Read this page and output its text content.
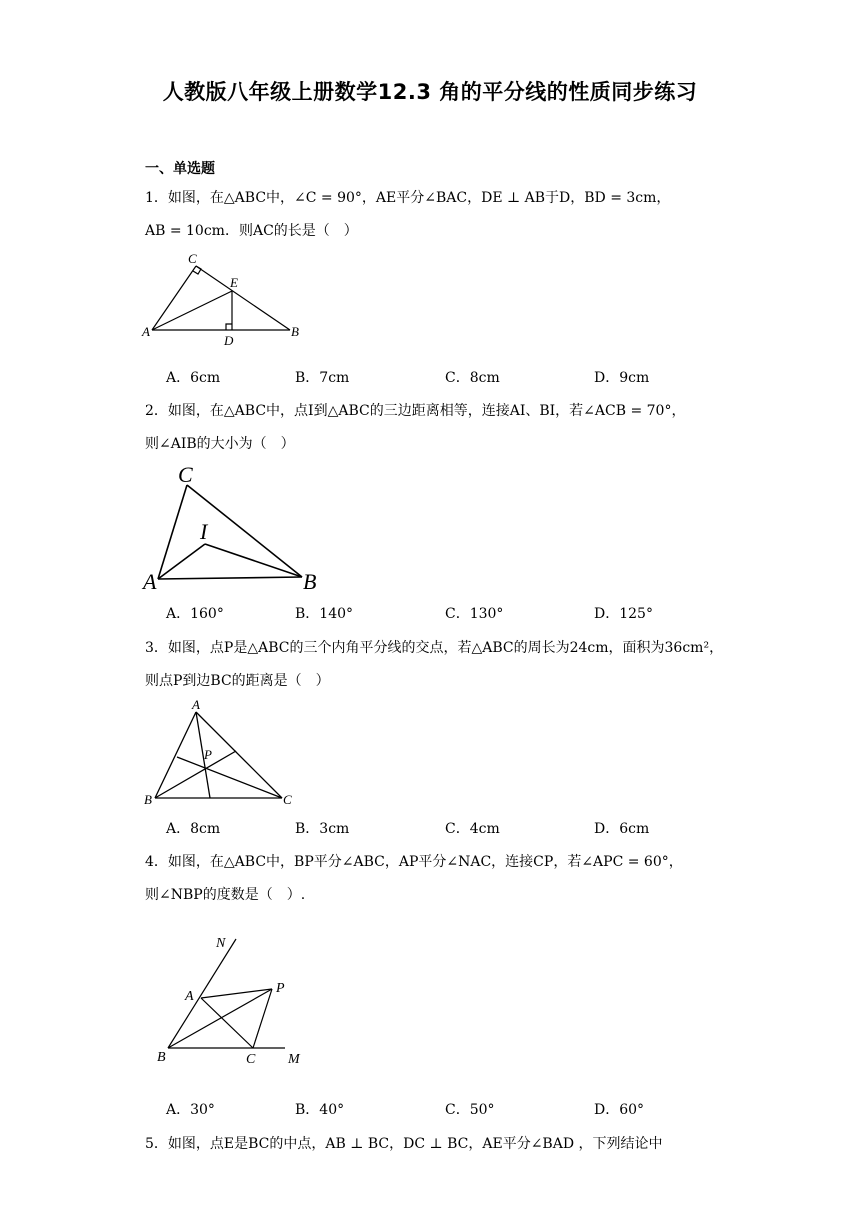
人教版八年级上册数学12.3 角的平分线的性质同步练习
一、单选题
1．如图，在△ABC中，∠C = 90°，AE平分∠BAC，DE ⊥ AB于D，BD = 3cm，
AB = 10cm．则AC的长是（　）
A	B
C
D
E
A．6cm	B．7cm	C．8cm	D．9cm
2．如图，在△ABC中，点I到△ABC的三边距离相等，连接AI、BI，若∠ACB = 70°，
则∠AIB的大小为（　）
A	B
C
I
A．160°	B．140°	C．130°	D．125°
3．如图，点P是△ABC的三个内角平分线的交点，若△ABC的周长为24cm，面积为36cm²，
则点P到边BC的距离是（　）
B	C
A
P
A．8cm	B．3cm	C．4cm	D．6cm
4．如图，在△ABC中，BP平分∠ABC，AP平分∠NAC，连接CP，若∠APC = 60°，
则∠NBP的度数是（　）.
B	C M
N
A
P
A．30°	B．40°	C．50°	D．60°
5．如图，点E是BC的中点，AB ⊥ BC，DC ⊥ BC，AE平分∠BAD ，下列结论中
